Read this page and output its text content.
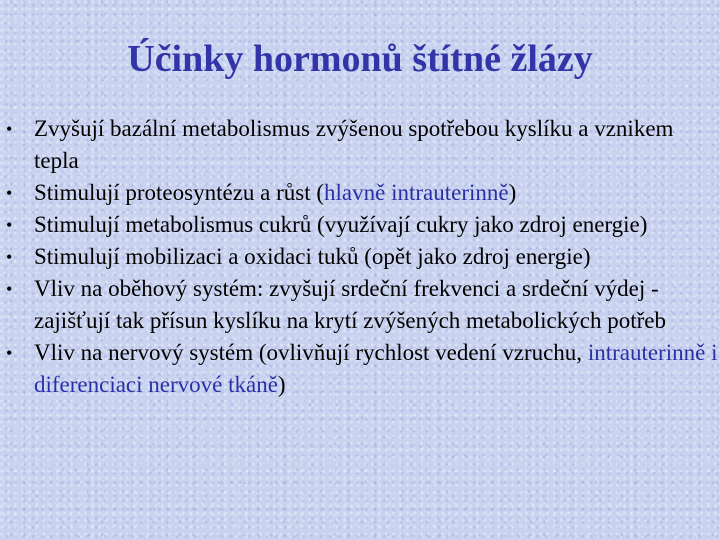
Účinky hormonů štítné žlázy
• Zvyšují bazální metabolismus zvýšenou spotřebou kyslíku a vznikem tepla
• Stimulují proteosyntézu a růst (hlavně intrauterinně)
• Stimulují metabolismus cukrů (využívají cukry jako zdroj energie)
• Stimulují mobilizaci a oxidaci tuků (opět jako zdroj energie)
• Vliv na oběhový systém: zvyšují srdeční frekvenci a srdeční výdej - zajišťují tak přísun kyslíku na krytí zvýšených metabolických potřeb
• Vliv na nervový systém (ovlivňují rychlost vedení vzruchu, intrauterinně i diferenciaci nervové tkáně)
